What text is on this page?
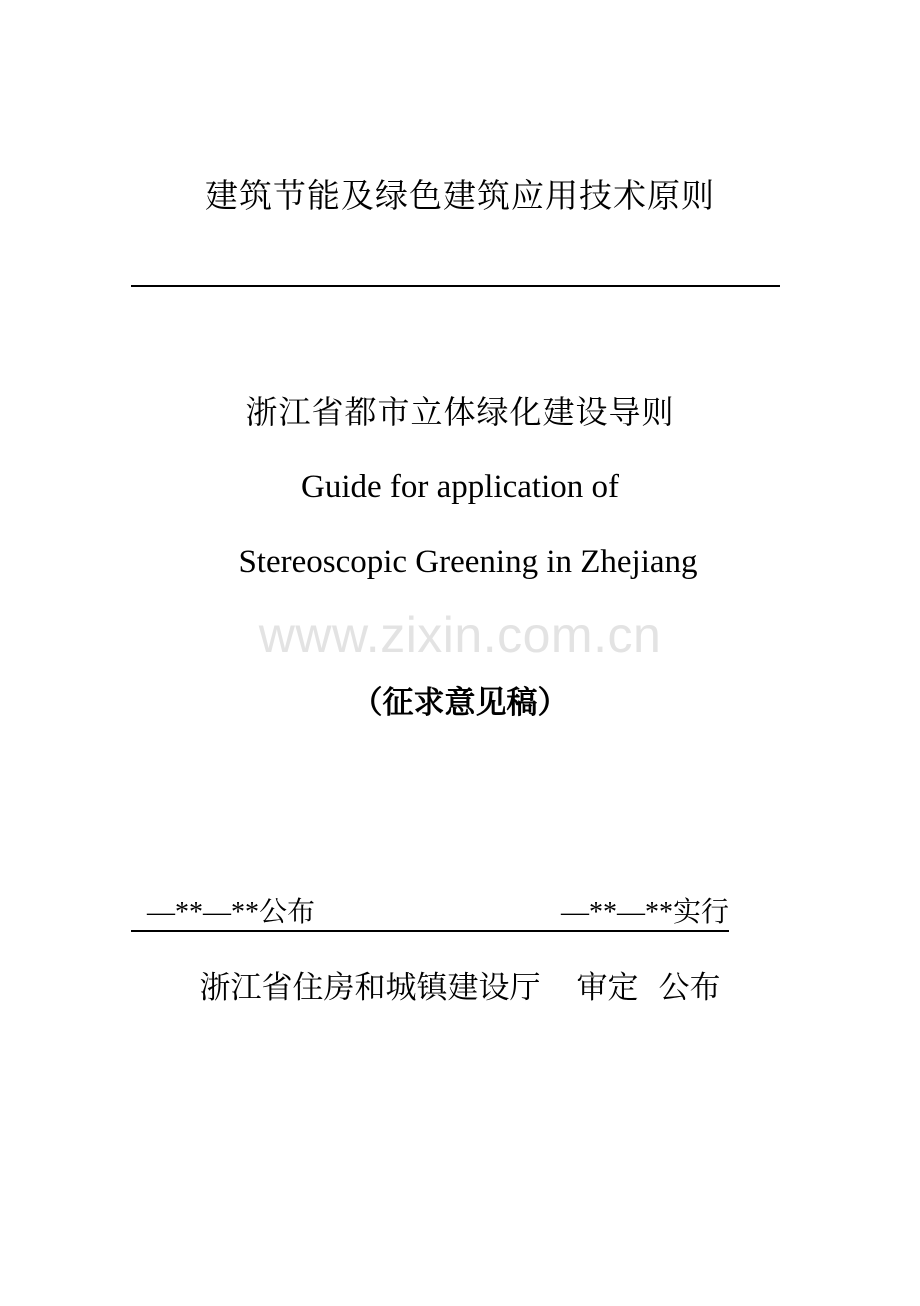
建筑节能及绿色建筑应用技术原则
浙江省都市立体绿化建设导则
Guide for application of
Stereoscopic Greening in Zhejiang
www.zixin.com.cn
（征求意见稿）
—**—**公布	—**—**实行
浙江省住房和城镇建设厅 审定 公布
